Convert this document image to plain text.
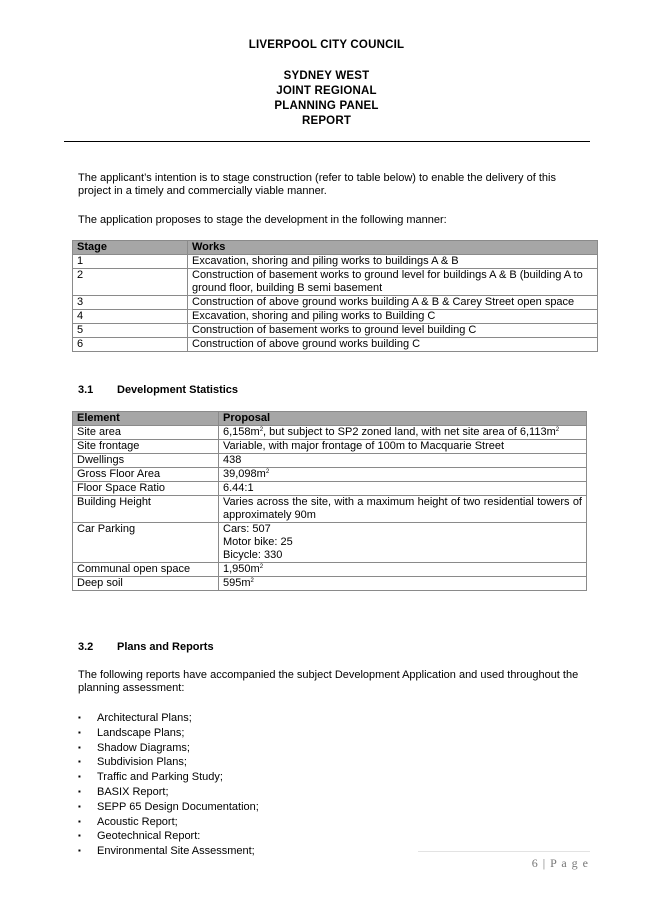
LIVERPOOL CITY COUNCIL
SYDNEY WEST
JOINT REGIONAL
PLANNING PANEL
REPORT
The applicant’s intention is to stage construction (refer to table below) to enable the delivery of this project in a timely and commercially viable manner.
The application proposes to stage the development in the following manner:
Stage	Works
1	Excavation, shoring and piling works to buildings A & B
2	Construction of basement works to ground level for buildings A & B (building A to ground floor, building B semi basement
3	Construction of above ground works building A & B & Carey Street open space
4	Excavation, shoring and piling works to Building C
5	Construction of basement works to ground level building C
6	Construction of above ground works building C
3.1 Development Statistics
Element	Proposal
Site area	$6,158m^2$, but subject to SP2 zoned land, with net site area of $6,113m^2$
Site frontage	Variable, with major frontage of 100m to Macquarie Street
Dwellings	438
Gross Floor Area	$39,098m^2$
Floor Space Ratio	6.44:1
Building Height	Varies across the site, with a maximum height of two residential towers of approximately 90m
Car Parking	Cars: 507
Motor bike: 25
Bicycle: 330

Communal open space	$1,950m^2$
Deep soil	$595m^2$
3.2 Plans and Reports
The following reports have accompanied the subject Development Application and used throughout the planning assessment:
▪ Architectural Plans;
▪ Landscape Plans;
▪ Shadow Diagrams;
▪ Subdivision Plans;
▪ Traffic and Parking Study;
▪ BASIX Report;
▪ SEPP 65 Design Documentation;
▪ Acoustic Report;
▪ Geotechnical Report:
▪ Environmental Site Assessment;
6 | P a g e
